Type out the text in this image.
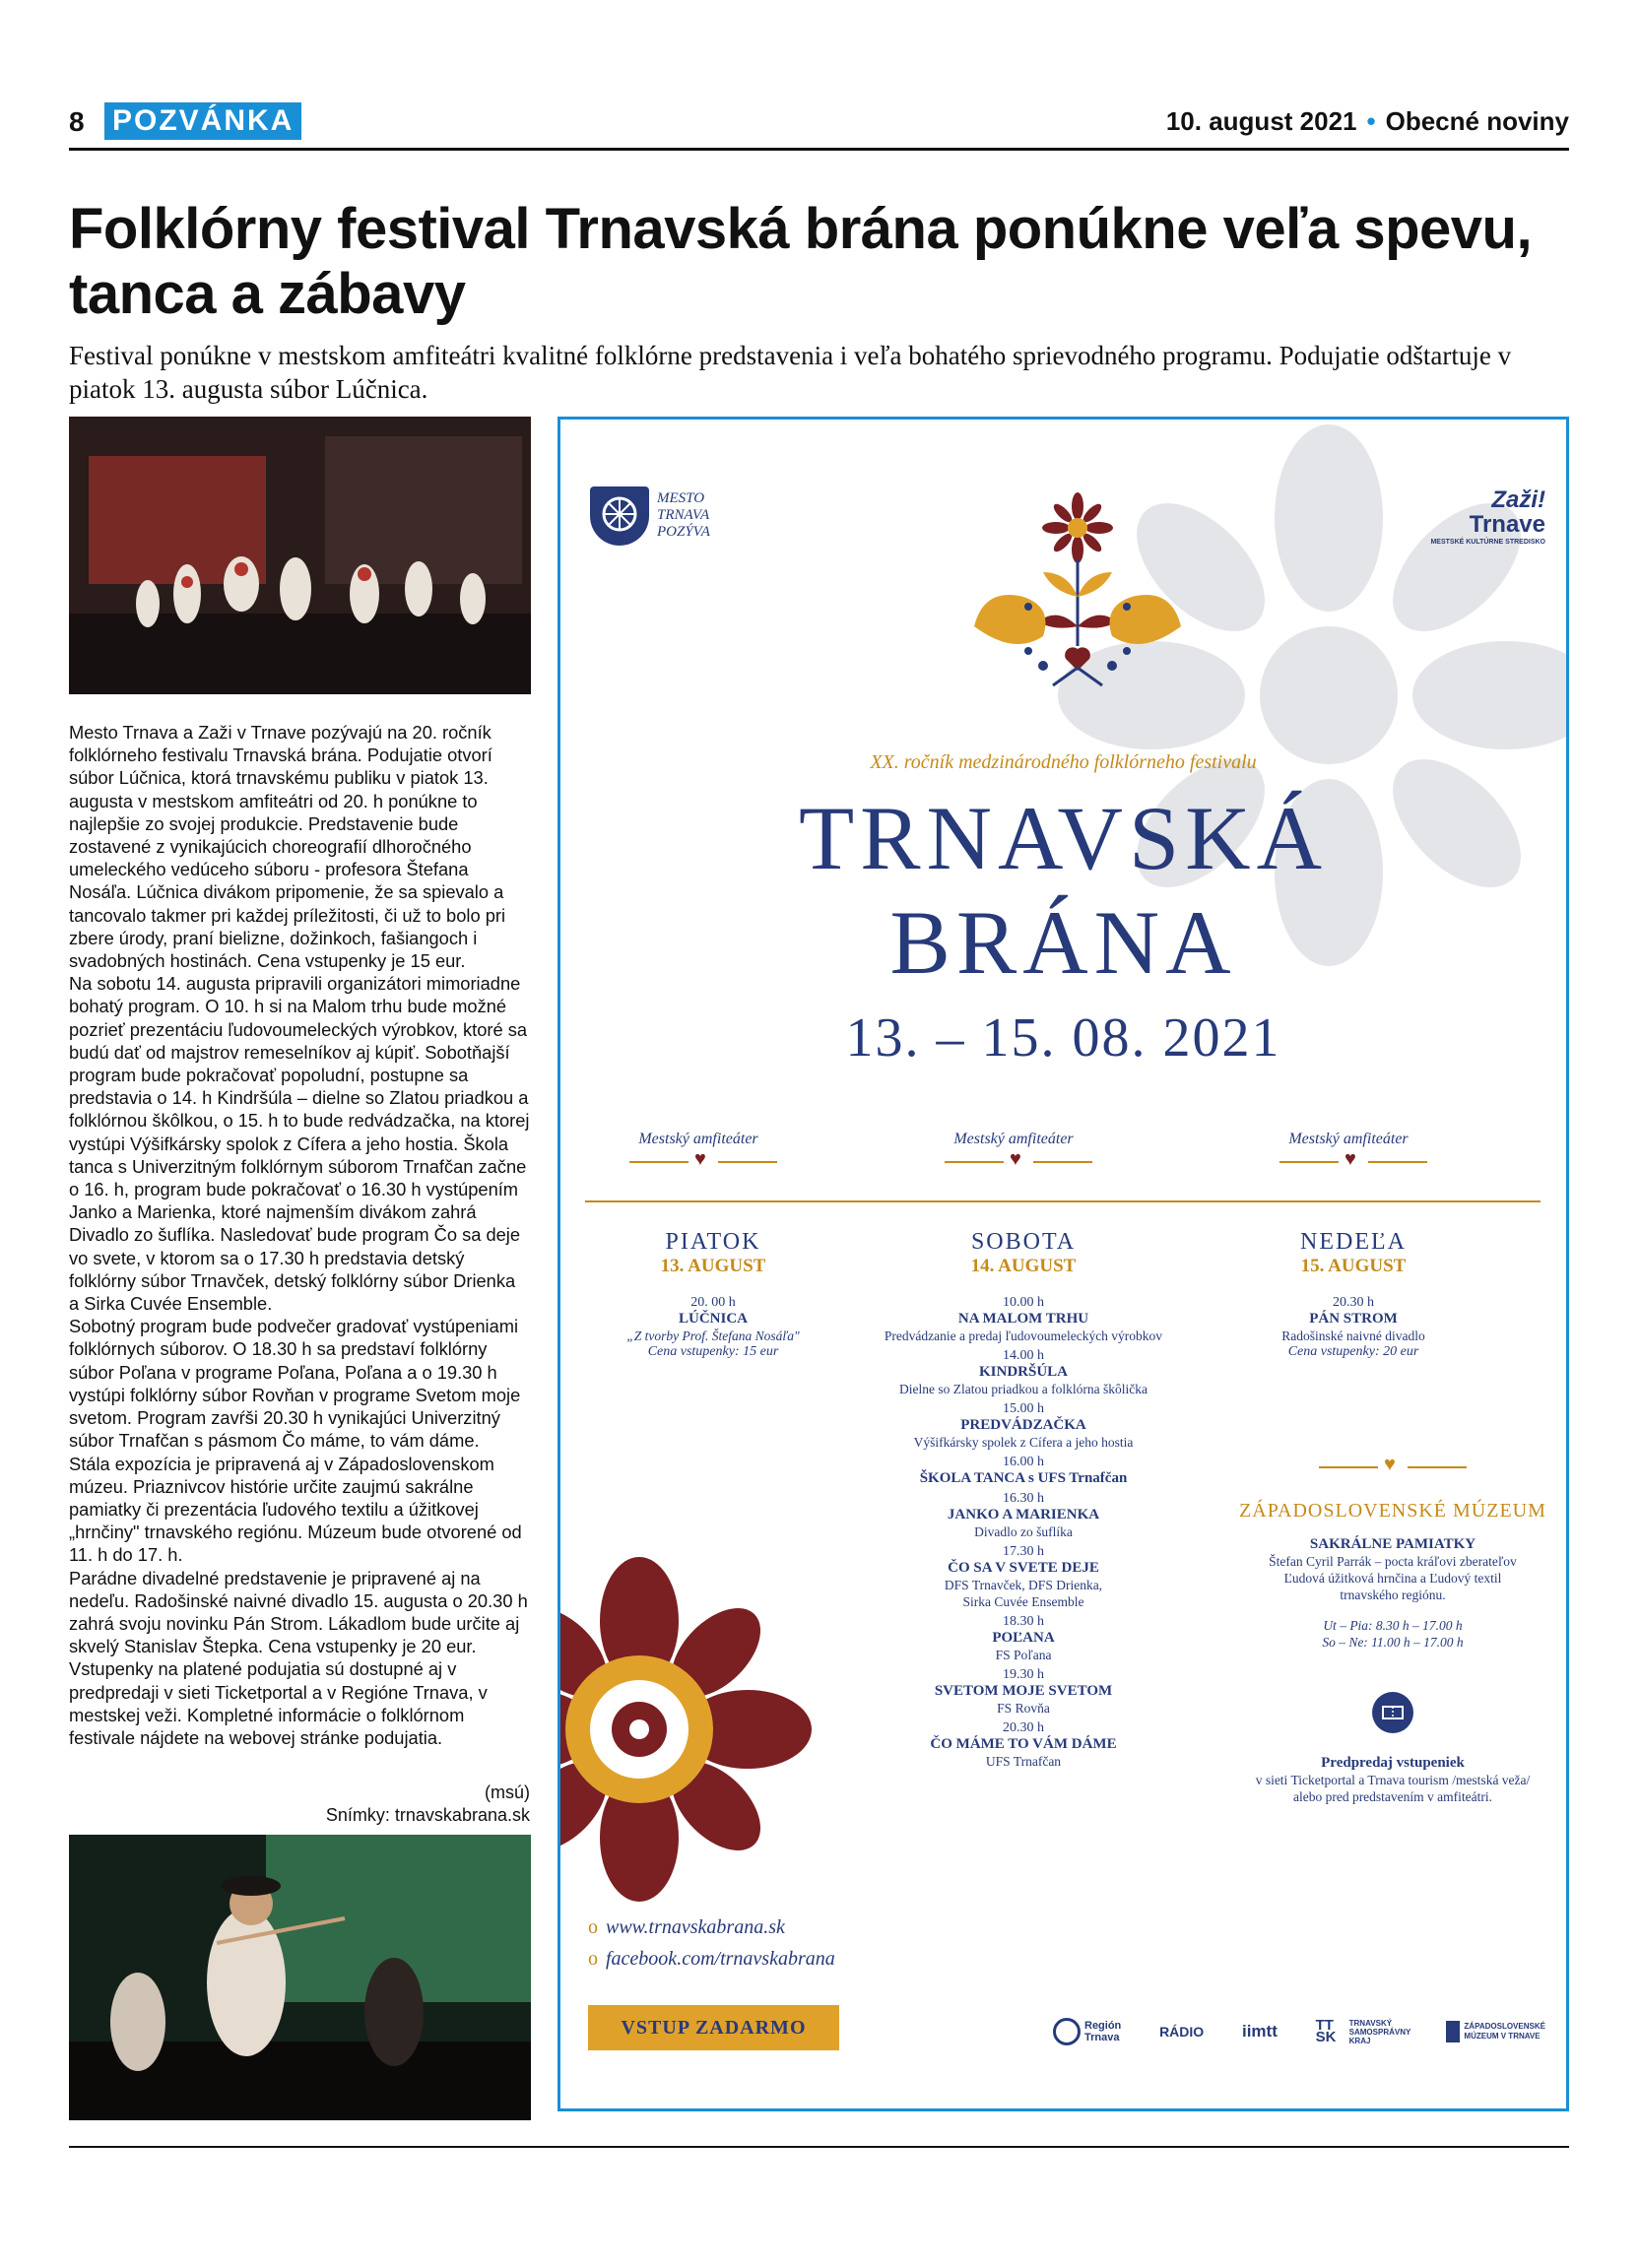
8 POZVÁNKA	10. august 2021 • Obecné noviny
Folklórny festival Trnavská brána ponúkne veľa spevu, tanca a zábavy
Festival ponúkne v mestskom amfiteátri kvalitné folklórne predstavenia i veľa bohatého sprievodného programu. Podujatie odštartuje v piatok 13. augusta súbor Lúčnica.

Mesto Trnava a Zaži v Trnave pozývajú na 20. ročník folklórneho festivalu Trnavská brána. Podujatie otvorí súbor Lúčnica, ktorá trnavskému publiku v piatok 13. augusta v mestskom amfiteátri od 20. h ponúkne to najlepšie zo svojej produkcie. Predstavenie bude zostavené z vynikajúcich choreografií dlhoročného umeleckého vedúceho súboru - profesora Štefana Nosáľa. Lúčnica divákom pripomenie, že sa spievalo a tancovalo takmer pri každej príležitosti, či už to bolo pri zbere úrody, praní bielizne, dožinkoch, fašiangoch i svadobných hostinách. Cena vstupenky je 15 eur.

Na sobotu 14. augusta pripravili organizátori mimoriadne bohatý program. O 10. h si na Malom trhu bude možné pozrieť prezentáciu ľudovoumeleckých výrobkov, ktoré sa budú dať od majstrov remeselníkov aj kúpiť. Sobotňajší program bude pokračovať popoludní, postupne sa predstavia o 14. h Kindršúla – dielne so Zlatou priadkou a folklórnou škôlkou, o 15. h to bude redvádzačka, na ktorej vystúpi Výšifkársky spolok z Cífera a jeho hostia. Škola tanca s Univerzitným folklórnym súborom Trnafčan začne o 16. h, program bude pokračovať o 16.30 h vystúpením Janko a Marienka, ktoré najmenším divákom zahrá Divadlo zo šuflíka. Nasledovať bude program Čo sa deje vo svete, v ktorom sa o 17.30 h predstavia detský folklórny súbor Trnavček, detský folklórny súbor Drienka a Sirka Cuvée Ensemble.

Sobotný program bude podvečer gradovať vystúpeniami folklórnych súborov. O 18.30 h sa predstaví folklórny súbor Poľana v programe Poľana, Poľana a o 19.30 h vystúpi folklórny súbor Rovňan v programe Svetom moje svetom. Program zavŕši 20.30 h vynikajúci Univerzitný súbor Trnafčan s pásmom Čo máme, to vám dáme.

Stála expozícia je pripravená aj v Západoslovenskom múzeu. Priaznivcov histórie určite zaujmú sakrálne pamiatky či prezentácia ľudového textilu a úžitkovej „hrnčiny" trnavského regiónu. Múzeum bude otvorené od 11. h do 17. h.

Parádne divadelné predstavenie je pripravené aj na nedeľu. Radošinské naivné divadlo 15. augusta o 20.30 h zahrá svoju novinku Pán Strom. Lákadlom bude určite aj skvelý Stanislav Štepka. Cena vstupenky je 20 eur.

Vstupenky na platené podujatia sú dostupné aj v predpredaji v sieti Ticketportal a v Regióne Trnava, v mestskej veži. Kompletné informácie o folklórnom festivale nájdete na webovej stránke podujatia.

(msú)
Snímky: trnavskabrana.sk
MESTO
TRNAVA
POZÝVA
Zaži!
Trnave
MESTSKÉ KULTÚRNE STREDISKO
XX. ročník medzinárodného folklórneho festivalu
TRNAVSKÁ
BRÁNA
13. – 15. 08. 2021
Mestský amfiteáter	Mestský amfiteáter	Mestský amfiteáter
♥	♥	♥
PIATOK
13. AUGUST
20. 00 h
LÚČNICA
„Z tvorby Prof. Štefana Nosáľa"
Cena vstupenky: 15 eur
SOBOTA
14. AUGUST
10.00 h
NA MALOM TRHU
Predvádzanie a predaj ľudovoumeleckých výrobkov
14.00 h
KINDRŠÚLA
Dielne so Zlatou priadkou a folklórna škôlička
15.00 h
PREDVÁDZAČKA
Výšifkársky spolek z Cífera a jeho hostia
16.00 h
ŠKOLA TANCA s UFS Trnafčan
16.30 h
JANKO A MARIENKA
Divadlo zo šuflíka
17.30 h
ČO SA V SVETE DEJE
DFS Trnavček, DFS Drienka, Sirka Cuvée Ensemble
18.30 h
POĽANA
FS Poľana
19.30 h
SVETOM MOJE SVETOM
FS Rovňa
20.30 h
ČO MÁME TO VÁM DÁME
UFS Trnafčan
NEDEĽA
15. AUGUST
20.30 h
PÁN STROM
Radošinské naivné divadlo
Cena vstupenky: 20 eur
♥
ZÁPADOSLOVENSKÉ MÚZEUM
SAKRÁLNE PAMIATKY
Štefan Cyril Parrák – pocta kráľovi zberateľov Ľudová úžitková hrnčina a Ľudový textil trnavského regiónu.
Ut – Pia: 8.30 h – 17.00 h
So – Ne: 11.00 h – 17.00 h
Predpredaj vstupeniek
v sieti Ticketportal a Trnava tourism /mestská veža/ alebo pred predstavením v amfiteátri.
o www.trnavskabrana.sk
o facebook.com/trnavskabrana
VSTUP ZADARMO	Región
Trnava	RÁDIO iimtt	TT SK
TRNAVSKÝ SAMOSPRÁVNY KRAJ
ZÁPADOSLOVENSKÉ
MÚZEUM V TRNAVE
